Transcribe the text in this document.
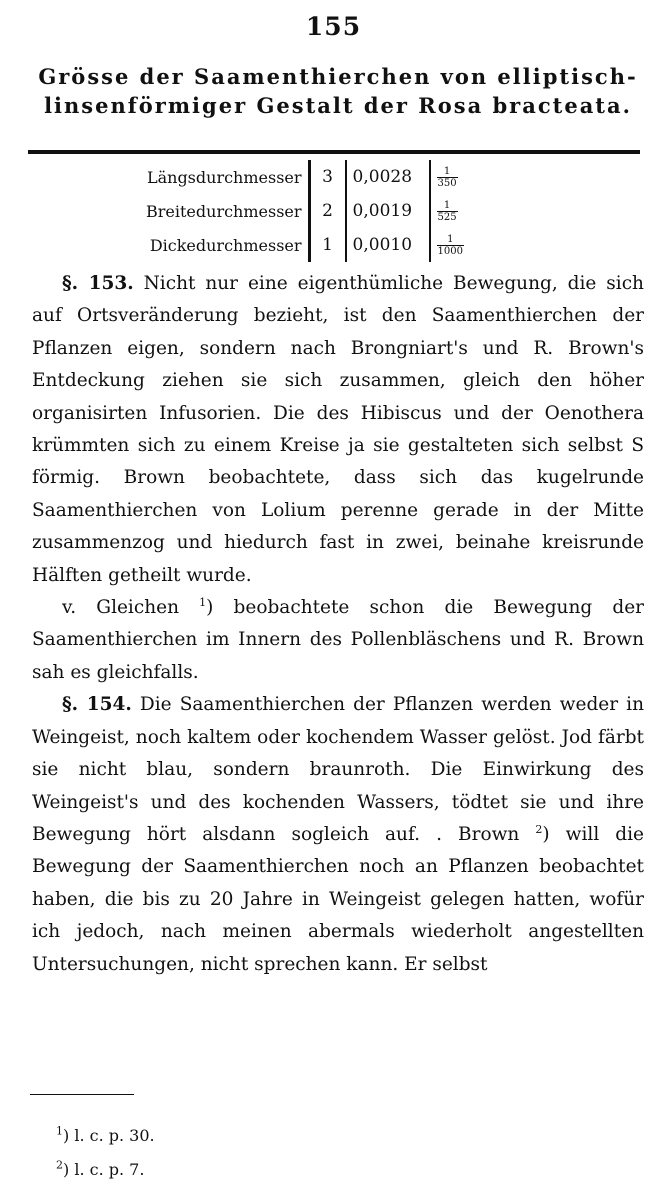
155
Grösse der Saamenthierchen von elliptisch-linsenförmiger Gestalt der Rosa bracteata.
Längsdurchmesser	3	0,0028	$\frac{1}{350}$

Breitedurchmesser	2	0,0019	$\frac{1}{525}$

Dickedurchmesser	1	0,0010	$\frac{1}{1000}$

§. 153. Nicht nur eine eigenthümliche Bewegung, die sich auf Ortsveränderung bezieht, ist den Saamenthierchen der Pflanzen eigen, sondern nach Brongniart's und R. Brown's Entdeckung ziehen sie sich zusammen, gleich den höher organisirten Infusorien. Die des Hibiscus und der Oenothera krümmten sich zu einem Kreise ja sie gestalteten sich selbst S förmig. Brown beobachtete, dass sich das kugelrunde Saamenthierchen von Lolium perenne gerade in der Mitte zusammenzog und hiedurch fast in zwei, beinahe kreisrunde Hälften getheilt wurde.

v. Gleichen $^1$) beobachtete schon die Bewegung der Saamenthierchen im Innern des Pollenbläschens und R. Brown sah es gleichfalls.

§. 154. Die Saamenthierchen der Pflanzen werden weder in Weingeist, noch kaltem oder kochendem Wasser gelöst. Jod färbt sie nicht blau, sondern braunroth. Die Einwirkung des Weingeist's und des kochenden Wassers, tödtet sie und ihre Bewegung hört alsdann sogleich auf. . Brown $^2$) will die Bewegung der Saamenthierchen noch an Pflanzen beobachtet haben, die bis zu 20 Jahre in Weingeist gelegen hatten, wofür ich jedoch, nach meinen abermals wiederholt angestellten Untersuchungen, nicht sprechen kann. Er selbst

$^1$) l. c. p. 30.
$^2$) l. c. p. 7.
